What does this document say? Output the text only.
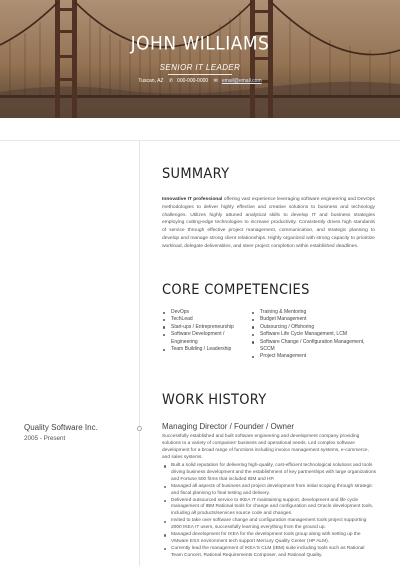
JOHN WILLIAMS
SENIOR IT LEADER
Tuscan, AZ ✆ 000-000-0000 ✉ email@email.com
SUMMARY
Innovative IT professional offering vast experience leveraging software engineering and DevOps methodologies to deliver highly effective and creative solutions to business and technology challenges. Utilizes highly attuned analytical skills to develop IT and business strategies employing cutting-edge technologies to increase productivity. Consistently drives high standards of service through effective project management, communication, and strategic planning to develop and manage strong client relationships. Highly organized with strong capacity to prioritize workload, delegate deliverables, and steer project completion within established deadlines.
CORE COMPETENCIES
DevOps
TechLead
Start-ups / Entrepreneurship
Software Development / Engineering
Team Building / Leadership
Training & Mentoring
Budget Management
Outsourcing / Offshoring
Software Life Cycle Management, LCM
Software Change / Configuration Management, SCCM
Project Management
WORK HISTORY
Quality Software Inc.
2005 - Present
Managing Director / Founder / Owner
Successfully established and built software engineering and development company providing solutions to a variety of companies' business and operational needs. Led complex software development for a broad range of functions including invoice management systems, e-commerce, and sales systems.
Built a solid reputation for delivering high-quality, cost-efficient technological solutions and tools driving business development and the establishment of key partnerships with large organizations and Fortune 500 firms that included IBM and HP.
Managed all aspects of business and project development from initial scoping through strategic and fiscal planning to final testing and delivery.
Delivered outsourced service to IKEA IT maintaining support, development and life cycle management of IBM Rational tools for change and configuration and Oracle development tools, including all products/services source code and changes.
Invited to take over software change and configuration management tools project supporting 2000 IKEA IT users, successfully learning everything from the ground up.
Managed development for IKEA for the development tools group along with setting up the VMware ESX environment tech support Mercury Quality Center (HP ALM).
Currently lead the management of IKEA'S CLM (IBM) suite including tools such as Rational Team Concert, Rational Requirements Composer, and Rational Quality.
